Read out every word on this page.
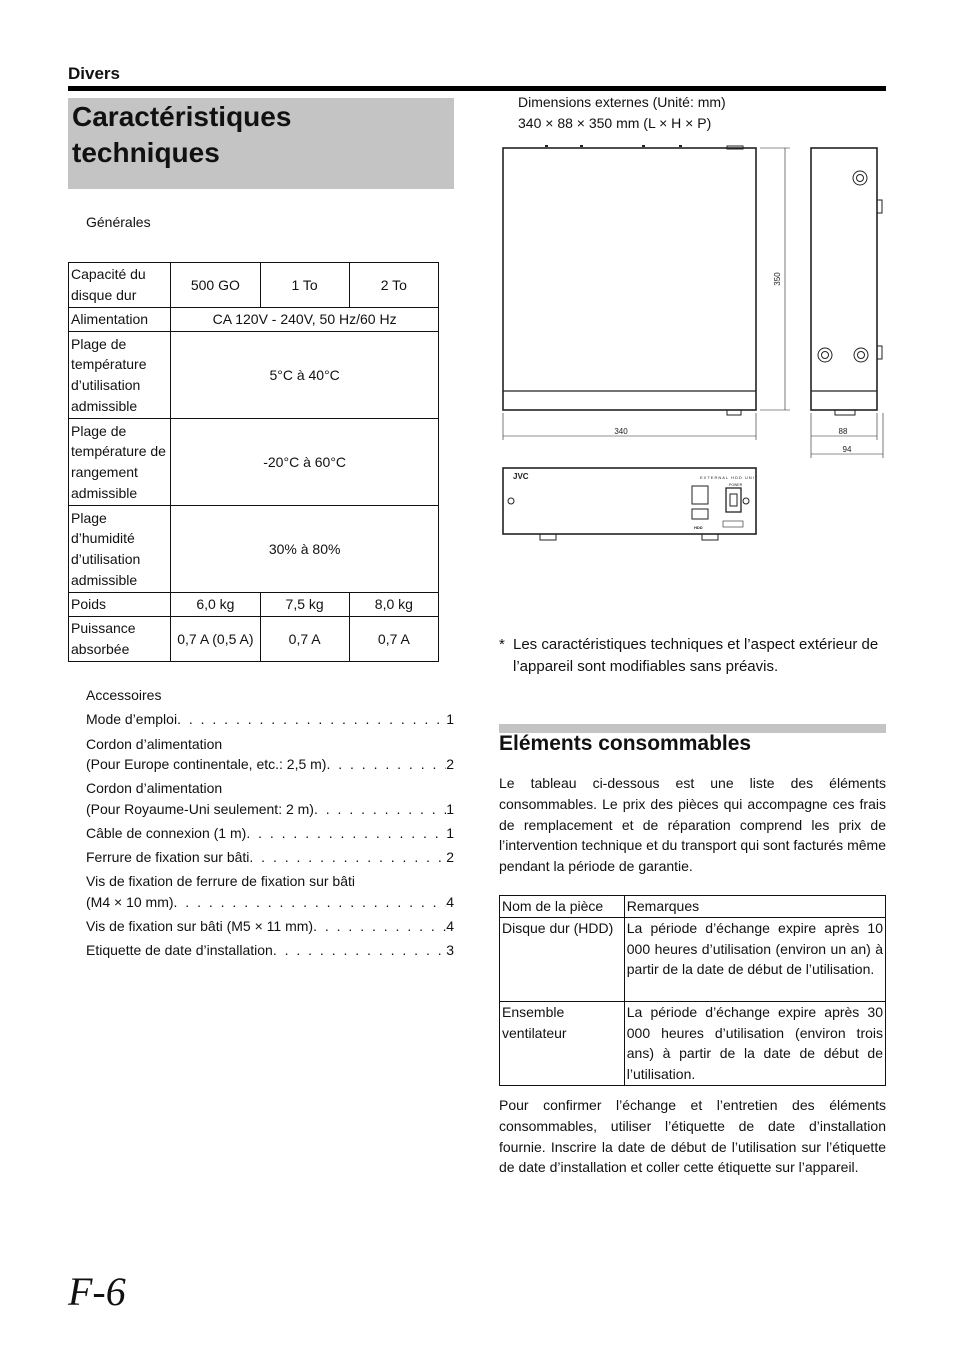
Divers
Caractéristiques
techniques
Générales
Capacité du disque dur	500 GO	1 To	2 To
Alimentation	CA 120V - 240V, 50 Hz/60 Hz		
Plage de température d’utilisation admissible	5°C à 40°C		
Plage de température de rangement admissible	-20°C à 60°C		
Plage d’humidité d’utilisation admissible	30% à 80%		
Poids	6,0 kg	7,5 kg	8,0 kg
Puissance absorbée	0,7 A (0,5 A)	0,7 A	0,7 A
Accessoires
Mode d’emploi . . .	1
Cordon d’alimentation
(Pour Europe continentale, etc.: 2,5 m) . . .	2
Cordon d’alimentation
(Pour Royaume-Uni seulement: 2 m) . . .	1
Câble de connexion (1 m) . . .	1
Ferrure de fixation sur bâti . . .	2
Vis de fixation de ferrure de fixation sur bâti
(M4 × 10 mm) . . .	4
Vis de fixation sur bâti (M5 × 11 mm) . . .	4
Etiquette de date d’installation . . .	3
Dimensions externes (Unité: mm)
340 × 88 × 350 mm (L × H × P)
350
340	88
94
JVC	EXTERNAL HDD UNIT
POWER
HDD
* Les caractéristiques techniques et l’aspect extérieur de l’appareil sont modifiables sans préavis.
Eléments consommables
Le tableau ci-dessous est une liste des éléments consommables. Le prix des pièces qui accompagne ces frais de remplacement et de réparation comprend les prix de l’intervention technique et du transport qui sont facturés même pendant la période de garantie.
Nom de la pièce	Remarques
Disque dur (HDD)	La période d’échange expire après 10 000 heures d’utilisation (environ un an) à partir de la date de début de l’utilisation.
Ensemble ventilateur	La période d’échange expire après 30 000 heures d’utilisation (environ trois ans) à partir de la date de début de l’utilisation.
Pour confirmer l’échange et l’entretien des éléments consommables, utiliser l’étiquette de date d’installation fournie. Inscrire la date de début de l’utilisation sur l’étiquette de date d’installation et coller cette étiquette sur l’appareil.
F-6
